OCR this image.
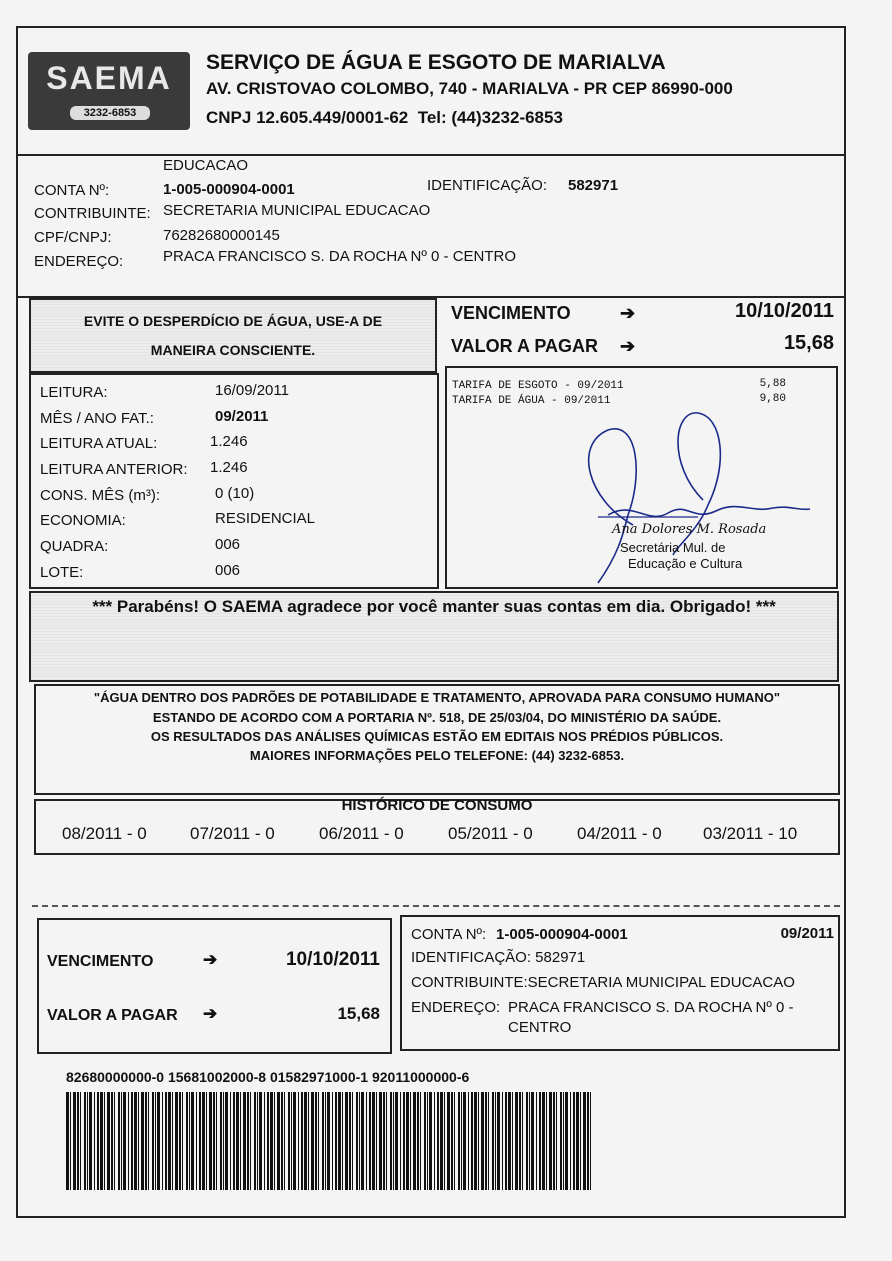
SAEMA
3232-6853
SERVIÇO DE ÁGUA E ESGOTO DE MARIALVA
AV. CRISTOVAO COLOMBO, 740 - MARIALVA - PR CEP 86990-000
CNPJ 12.605.449/0001-62  Tel: (44)3232-6853
EDUCACAO
CONTA Nº:	1-005-000904-0001	IDENTIFICAÇÃO: 582971
CONTRIBUINTE: SECRETARIA MUNICIPAL EDUCACAO
CPF/CNPJ:	76282680000145
ENDEREÇO:	PRACA FRANCISCO S. DA ROCHA Nº 0 - CENTRO
EVITE O DESPERDÍCIO DE ÁGUA, USE-A DE
MANEIRA CONSCIENTE.
VENCIMENTO	➔	10/10/2011
VALOR A PAGAR ➔	15,68
LEITURA:	16/09/2011
MÊS / ANO FAT.:	09/2011
LEITURA ATUAL:	1.246
LEITURA ANTERIOR: 1.246
CONS. MÊS (m³):	0 (10)
ECONOMIA:	RESIDENCIAL
QUADRA:	006
LOTE:	006
TARIFA DE ESGOTO - 09/2011	5,88
TARIFA DE ÁGUA - 09/2011	9,80
Ana Dolores M. Rosada
Secretária Mul. de
Educação e Cultura
*** Parabéns! O SAEMA agradece por você manter suas contas em dia. Obrigado! ***
"ÁGUA DENTRO DOS PADRÕES DE POTABILIDADE E TRATAMENTO, APROVADA PARA CONSUMO HUMANO"
ESTANDO DE ACORDO COM A PORTARIA Nº. 518, DE 25/03/04, DO MINISTÉRIO DA SAÚDE.
OS RESULTADOS DAS ANÁLISES QUÍMICAS ESTÃO EM EDITAIS NOS PRÉDIOS PÚBLICOS.
MAIORES INFORMAÇÕES PELO TELEFONE: (44) 3232-6853.
HISTÓRICO DE CONSUMO
08/2011 - 0	07/2011 - 0	06/2011 - 0	05/2011 - 0	04/2011 - 0 03/2011 - 10
VENCIMENTO	➔	10/10/2011
VALOR A PAGAR ➔	15,68
CONTA Nº: 1-005-000904-0001	09/2011
IDENTIFICAÇÃO: 582971
CONTRIBUINTE:SECRETARIA MUNICIPAL EDUCACAO
ENDEREÇO: PRACA FRANCISCO S. DA ROCHA Nº 0 -
CENTRO
82680000000-0 15681002000-8 01582971000-1 92011000000-6
